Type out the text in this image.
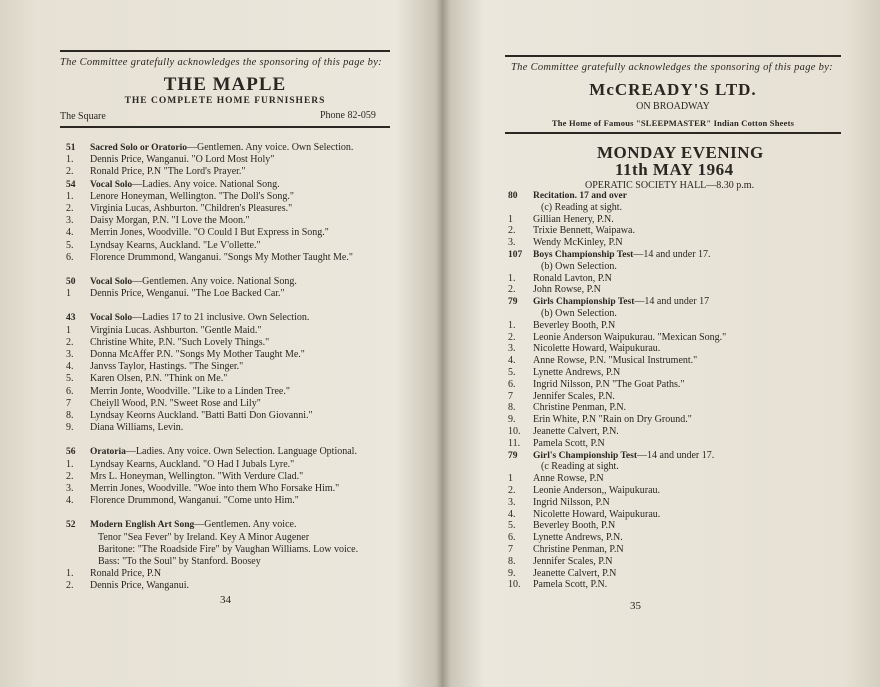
The Committee gratefully acknowledges the sponsoring of this page by:
THE MAPLE
THE COMPLETE HOME FURNISHERS
The Square	Phone 82-059
51 Sacred Solo or Oratorio—Gentlemen. Any voice. Own Selection.
1. Dennis Price, Wanganui. "O Lord Most Holy"
2. Ronald Price, P.N "The Lord's Prayer."
54 Vocal Solo—Ladies. Any voice. National Song.
1. Lenore Honeyman, Wellington. "The Doll's Song."
2. Virginia Lucas, Ashburton. "Children's Pleasures."
3. Daisy Morgan, P.N. "I Love the Moon."
4. Merrin Jones, Woodville. "O Could I But Express in Song."
5. Lyndsay Kearns, Auckland. "Le V'ollette."
6. Florence Drummond, Wanganui. "Songs My Mother Taught Me."
50 Vocal Solo—Gentlemen. Any voice. National Song.
1 Dennis Price, Wenganui. "The Loe Backed Car."
43 Vocal Solo—Ladies 17 to 21 inclusive. Own Selection.
1 Virginia Lucas. Ashburton. "Gentle Maid."
2. Christine White, P.N. "Such Lovely Things."
3. Donna McAffer P.N. "Songs My Mother Taught Me."
4. Janvss Taylor, Hastings. "The Singer."
5. Karen Olsen, P.N. "Think on Me."
6. Merrin Jonte, Woodville. "Like to a Linden Tree."
7 Cheiyll Wood, P.N. "Sweet Rose and Lily"
8. Lyndsay Keorns Auckland. "Batti Batti Don Giovanni."
9. Diana Williams, Levin.
56 Oratoria—Ladies. Any voice. Own Selection. Language Optional.
1. Lyndsay Kearns, Auckland. "O Had I Jubals Lyre."
2. Mrs L. Honeyman, Wellington. "With Verdure Clad."
3. Merrin Jones, Woodville. "Woe into them Who Forsake Him."
4. Florence Drummond, Wanganui. "Come unto Him."
52 Modern English Art Song—Gentlemen. Any voice.
Tenor "Sea Fever" by Ireland. Key A Minor Augener
Baritone: "The Roadside Fire" by Vaughan Williams. Low voice.
Bass: "To the Soul" by Stanford. Boosey
1. Ronald Price, P.N
2. Dennis Price, Wanganui.
34
The Committee gratefully acknowledges the sponsoring of this page by:
McCREADY'S LTD.
ON BROADWAY
The Home of Famous "SLEEPMASTER" Indian Cotton Sheets
MONDAY EVENING
11th MAY 1964
OPERATIC SOCIETY HALL—8.30 p.m.
80 Recitation. 17 and over
(c) Reading at sight.
1 Gillian Henery, P.N.
2. Trixie Bennett, Waipawa.
3. Wendy McKinley, P.N
107 Boys Championship Test—14 and under 17.
(b) Own Selection.
1. Ronald Lavton, P.N
2. John Rowse, P.N
79 Girls Championship Test—14 and under 17
(b) Own Selection.
1. Beverley Booth, P.N
2. Leonie Anderson Waipukurau. "Mexican Song."
3. Nicolette Howard, Waipukurau.
4. Anne Rowse, P.N. "Musical Instrument."
5. Lynette Andrews, P.N
6. Ingrid Nilsson, P.N "The Goat Paths."
7 Jennifer Scales, P.N.
8. Christine Penman, P.N.
9. Erin White, P.N "Rain on Dry Ground."
10. Jeanette Calvert, P.N.
11. Pamela Scott, P.N
79 Girl's Championship Test—14 and under 17.
(c Reading at sight.
1 Anne Rowse, P.N
2. Leonie Anderson,, Waipukurau.
3. Ingrid Nilsson, P.N
4. Nicolette Howard, Waipukurau.
5. Beverley Booth, P.N
6. Lynette Andrews, P.N.
7 Christine Penman, P.N
8. Jennifer Scales, P.N
9. Jeanette Calvert, P.N
10. Pamela Scott, P.N.
35
